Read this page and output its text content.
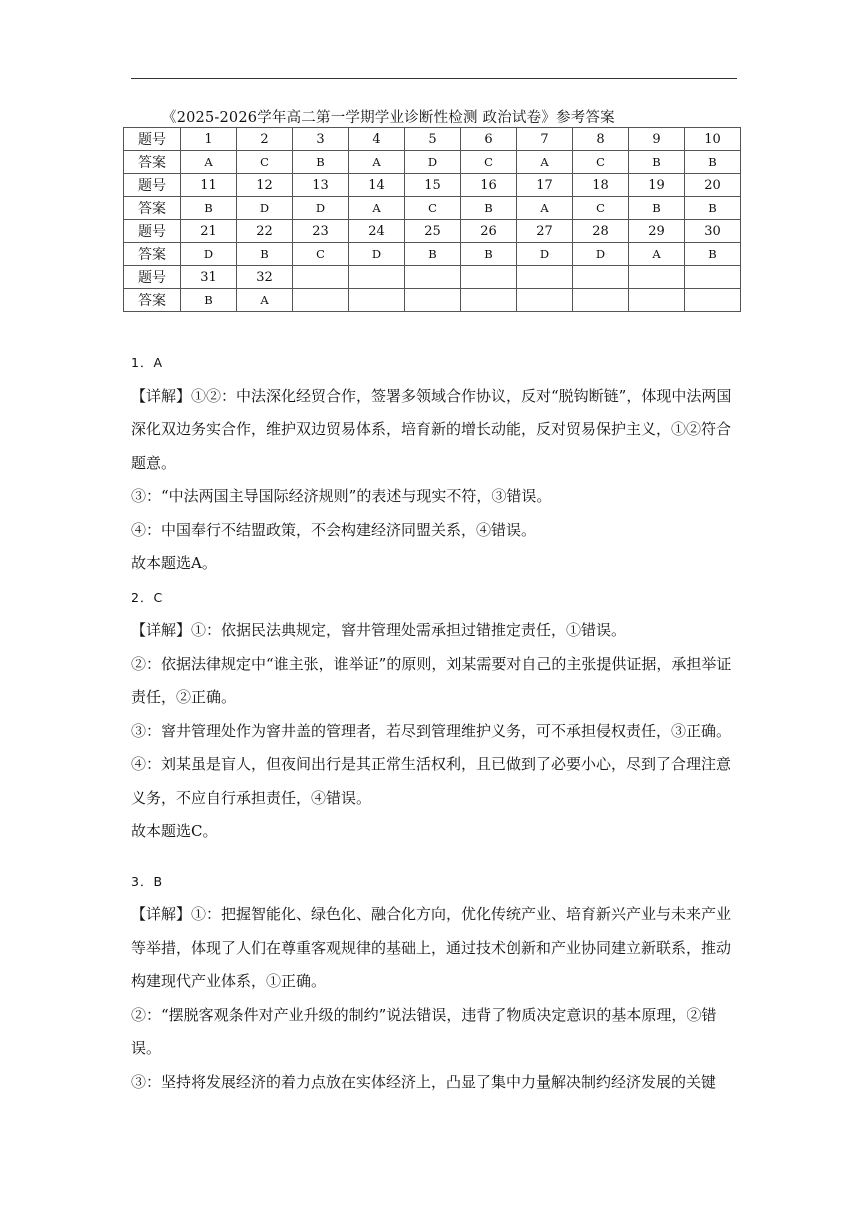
《2025-2026学年高二第一学期学业诊断性检测 政治试卷》参考答案
题号	1	2	3	4	5	6	7	8	9	10
答案	A	C	B	A	D	C	A	C	B	B
题号	11	12	13	14	15	16	17	18	19	20
答案	B	D	D	A	C	B	A	C	B	B
题号	21	22	23	24	25	26	27	28	29	30
答案	D	B	C	D	B	B	D	D	A	B
题号	31	32								
答案	B	A								

1．A

【详解】①②：中法深化经贸合作，签署多领域合作协议，反对“脱钩断链”，体现中法两国深化双边务实合作，维护双边贸易体系，培育新的增长动能，反对贸易保护主义，①②符合题意。

③：“中法两国主导国际经济规则”的表述与现实不符，③错误。

④：中国奉行不结盟政策，不会构建经济同盟关系，④错误。

故本题选A。

2．C

【详解】①：依据民法典规定，窨井管理处需承担过错推定责任，①错误。

②：依据法律规定中“谁主张，谁举证”的原则，刘某需要对自己的主张提供证据，承担举证责任，②正确。

③：窨井管理处作为窨井盖的管理者，若尽到管理维护义务，可不承担侵权责任，③正确。

④：刘某虽是盲人，但夜间出行是其正常生活权利，且已做到了必要小心，尽到了合理注意义务，不应自行承担责任，④错误。

故本题选C。

3．B

【详解】①：把握智能化、绿色化、融合化方向，优化传统产业、培育新兴产业与未来产业等举措，体现了人们在尊重客观规律的基础上，通过技术创新和产业协同建立新联系，推动构建现代产业体系，①正确。

②：“摆脱客观条件对产业升级的制约”说法错误，违背了物质决定意识的基本原理，②错误。

③：坚持将发展经济的着力点放在实体经济上，凸显了集中力量解决制约经济发展的关键
